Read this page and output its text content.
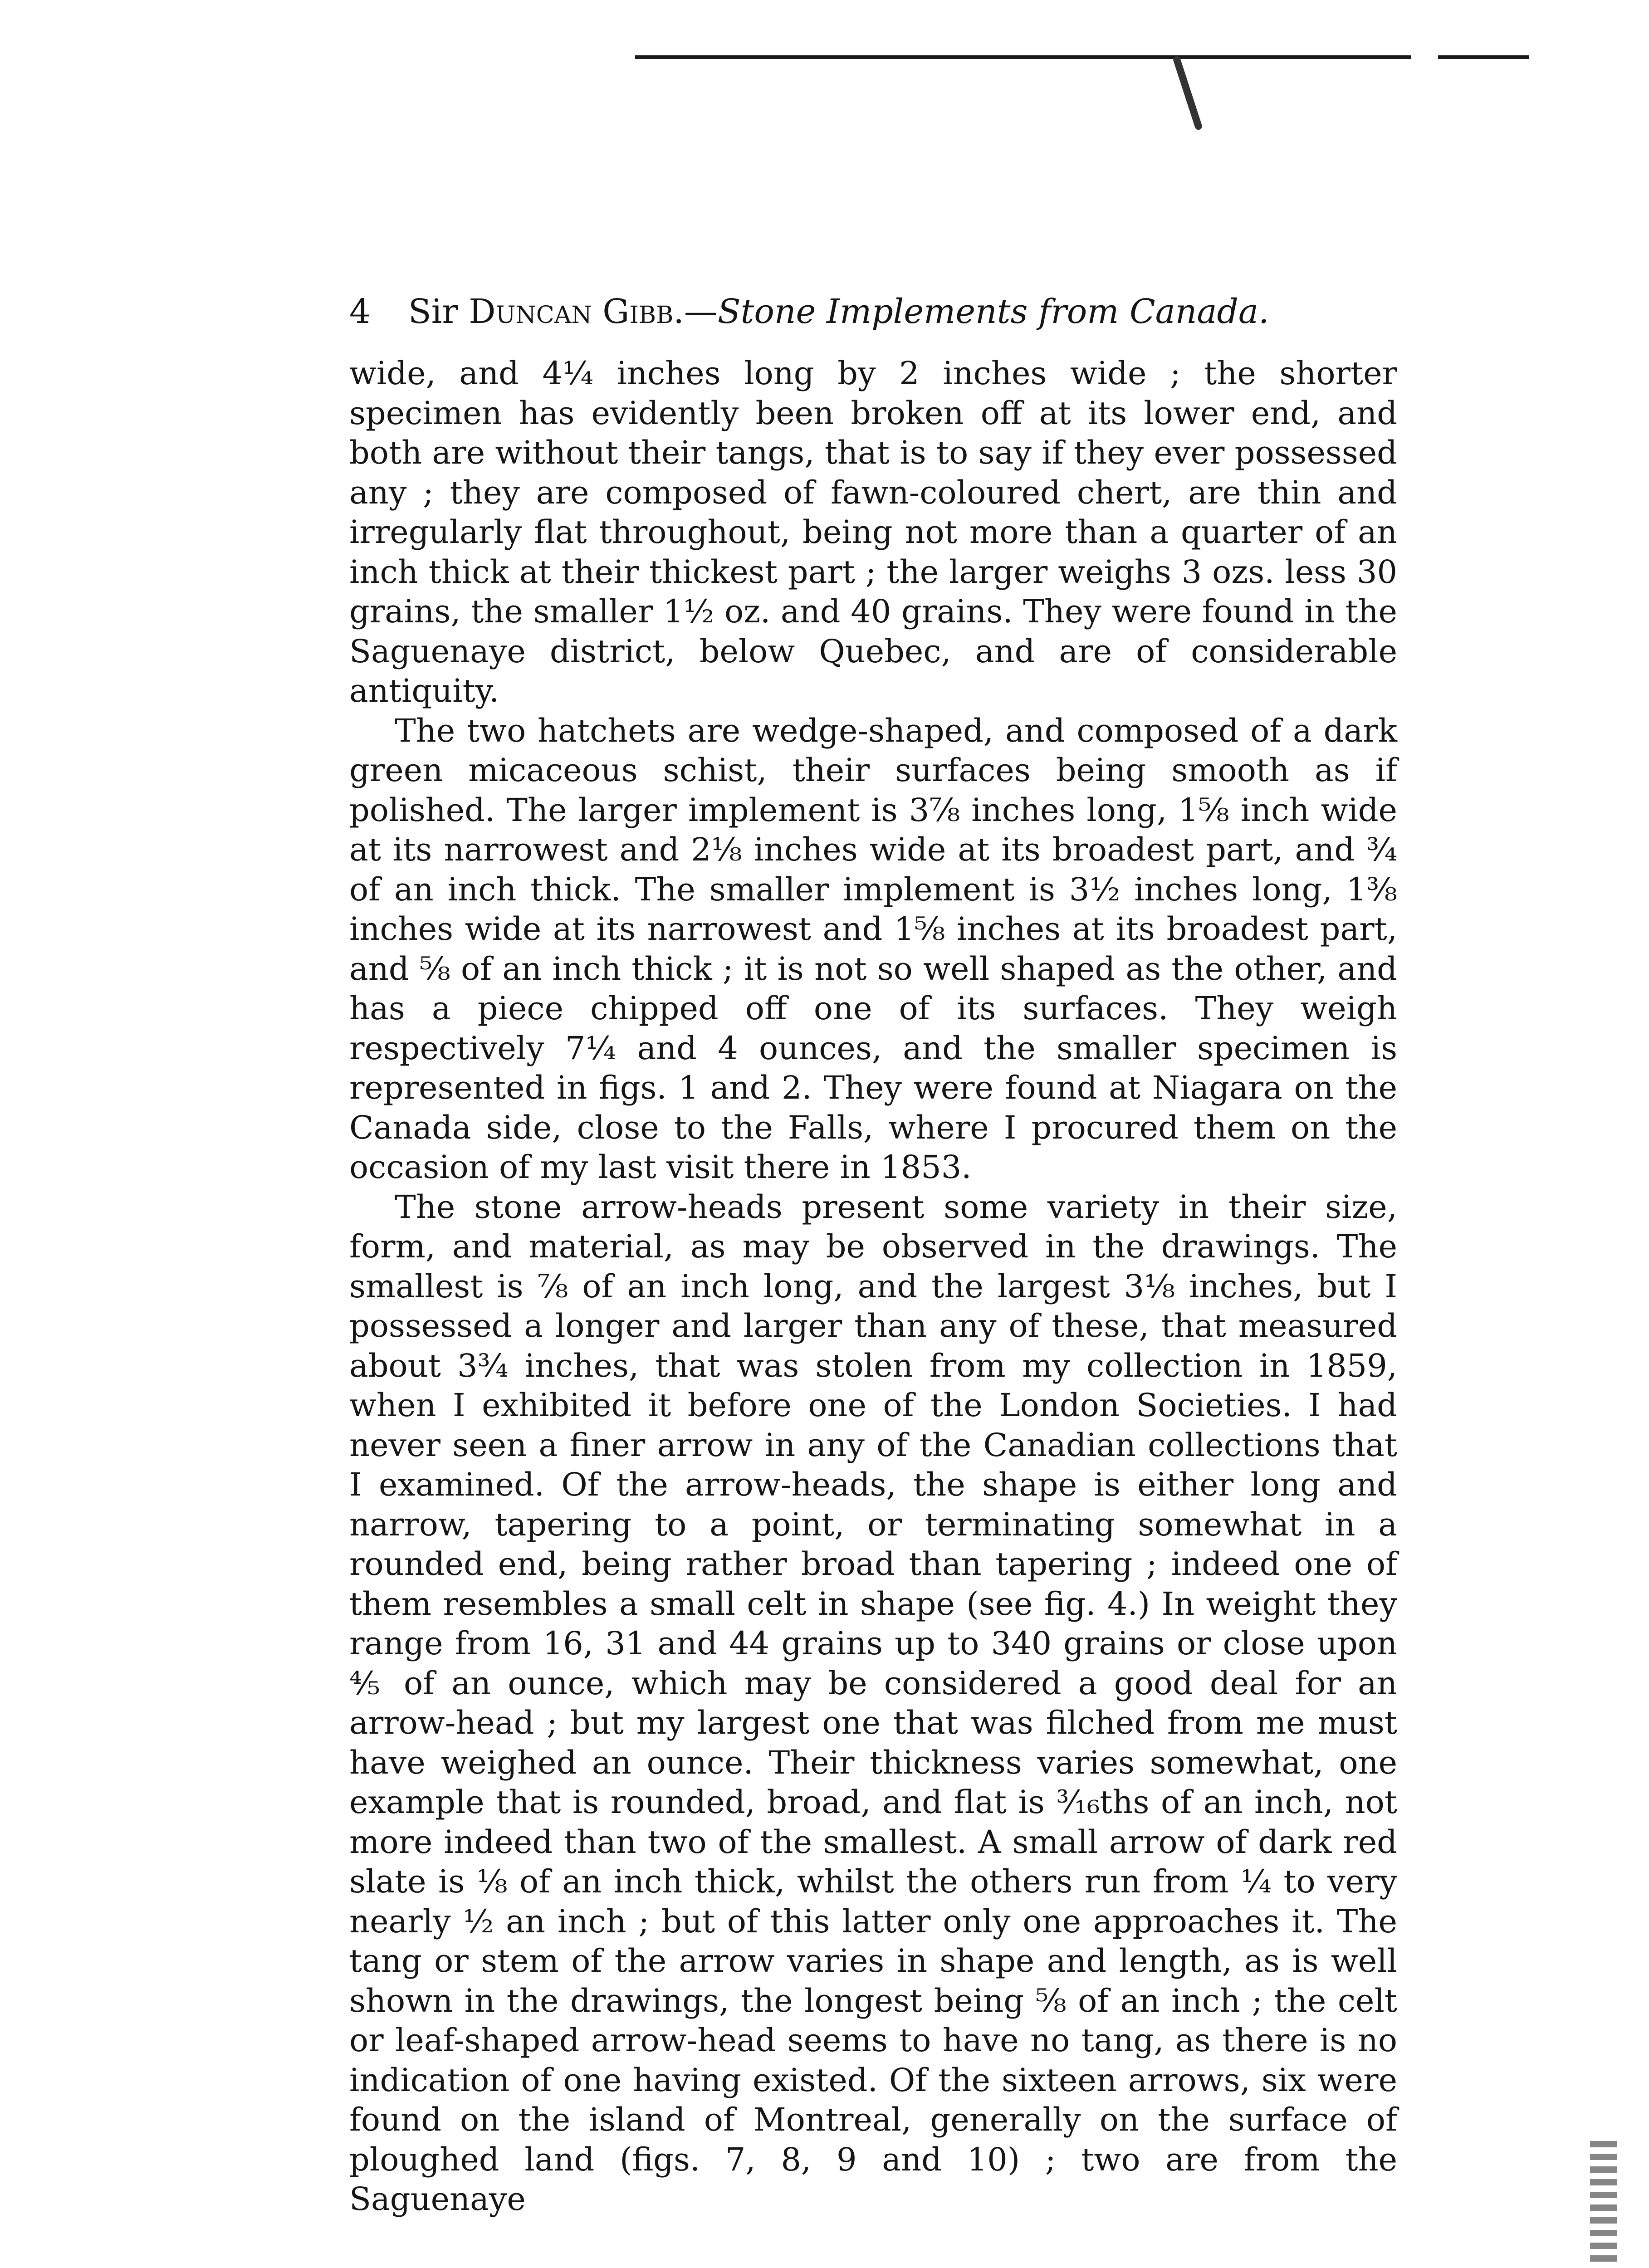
4	Sir Duncan Gibb.—Stone Implements from Canada.

wide, and 4¼ inches long by 2 inches wide ; the shorter specimen has evidently been broken off at its lower end, and both are without their tangs, that is to say if they ever possessed any ; they are composed of fawn-coloured chert, are thin and irregularly flat throughout, being not more than a quarter of an inch thick at their thickest part ; the larger weighs 3 ozs. less 30 grains, the smaller 1½ oz. and 40 grains. They were found in the Saguenaye district, below Quebec, and are of considerable antiquity.

The two hatchets are wedge-shaped, and composed of a dark green micaceous schist, their surfaces being smooth as if polished. The larger implement is 3⅞ inches long, 1⅝ inch wide at its narrowest and 2⅛ inches wide at its broadest part, and ¾ of an inch thick. The smaller implement is 3½ inches long, 1⅜ inches wide at its narrowest and 1⅝ inches at its broadest part, and ⅝ of an inch thick ; it is not so well shaped as the other, and has a piece chipped off one of its surfaces. They weigh respectively 7¼ and 4 ounces, and the smaller specimen is represented in figs. 1 and 2. They were found at Niagara on the Canada side, close to the Falls, where I procured them on the occasion of my last visit there in 1853.

The stone arrow-heads present some variety in their size, form, and material, as may be observed in the drawings. The smallest is ⅞ of an inch long, and the largest 3⅛ inches, but I possessed a longer and larger than any of these, that measured about 3¾ inches, that was stolen from my collection in 1859, when I exhibited it before one of the London Societies. I had never seen a finer arrow in any of the Canadian collections that I examined. Of the arrow-heads, the shape is either long and narrow, tapering to a point, or terminating somewhat in a rounded end, being rather broad than tapering ; indeed one of them resembles a small celt in shape (see fig. 4.) In weight they range from 16, 31 and 44 grains up to 340 grains or close upon ⅘ of an ounce, which may be considered a good deal for an arrow-head ; but my largest one that was filched from me must have weighed an ounce. Their thickness varies somewhat, one example that is rounded, broad, and flat is ³⁄₁₆ths of an inch, not more indeed than two of the smallest. A small arrow of dark red slate is ⅛ of an inch thick, whilst the others run from ¼ to very nearly ½ an inch ; but of this latter only one approaches it. The tang or stem of the arrow varies in shape and length, as is well shown in the drawings, the longest being ⅝ of an inch ; the celt or leaf-shaped arrow-head seems to have no tang, as there is no indication of one having existed. Of the sixteen arrows, six were found on the island of Montreal, generally on the surface of ploughed land (figs. 7, 8, 9 and 10) ; two are from the Saguenaye
